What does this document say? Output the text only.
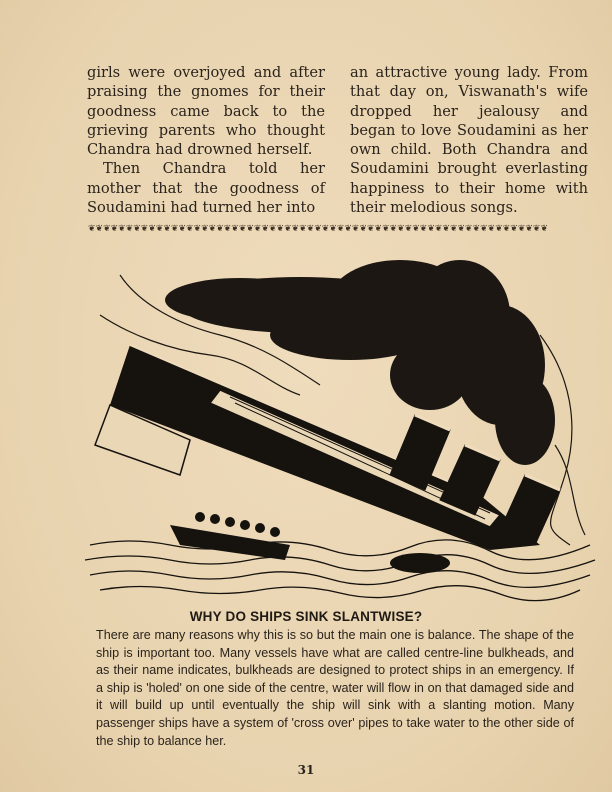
girls were overjoyed and after praising the gnomes for their goodness came back to the grieving parents who thought Chandra had drowned herself.

Then Chandra told her mother that the goodness of Soudamini had turned her into

an attractive young lady. From that day on, Viswanath's wife dropped her jealousy and began to love Soudamini as her own child. Both Chandra and Soudamini brought everlasting happiness to their home with their melodious songs.

❦❦❦❦❦❦❦❦❦❦❦❦❦❦❦❦❦❦❦❦❦❦❦❦❦❦❦❦❦❦❦❦❦❦❦❦❦❦❦❦❦❦❦❦❦❦❦❦❦❦❦❦❦❦❦❦❦❦❦❦❦
WHY DO SHIPS SINK SLANTWISE?

There are many reasons why this is so but the main one is balance. The shape of the ship is important too. Many vessels have what are called centre-line bulkheads, and as their name indicates, bulkheads are designed to protect ships in an emergency. If a ship is 'holed' on one side of the centre, water will flow in on that damaged side and it will build up until eventually the ship will sink with a slanting motion. Many passenger ships have a system of 'cross over' pipes to take water to the other side of the ship to balance her.

31
